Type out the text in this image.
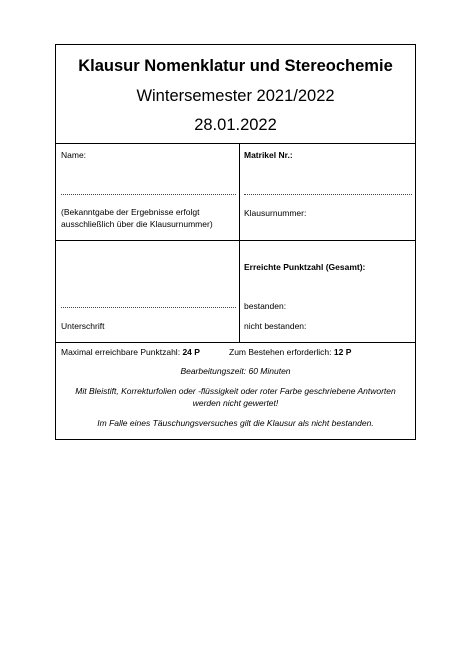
Klausur Nomenklatur und Stereochemie
Wintersemester 2021/2022
28.01.2022
Name:
(Bekanntgabe der Ergebnisse erfolgt
ausschließlich über die Klausurnummer)
Matrikel Nr.:
Klausurnummer:
Unterschrift
Erreichte Punktzahl (Gesamt):
bestanden:
nicht bestanden:
Maximal erreichbare Punktzahl: 24 P	Zum Bestehen erforderlich: 12 P
Bearbeitungszeit: 60 Minuten
Mit Bleistift, Korrekturfolien oder -flüssigkeit oder roter Farbe geschriebene Antworten
werden nicht gewertet!
Im Falle eines Täuschungsversuches gilt die Klausur als nicht bestanden.
